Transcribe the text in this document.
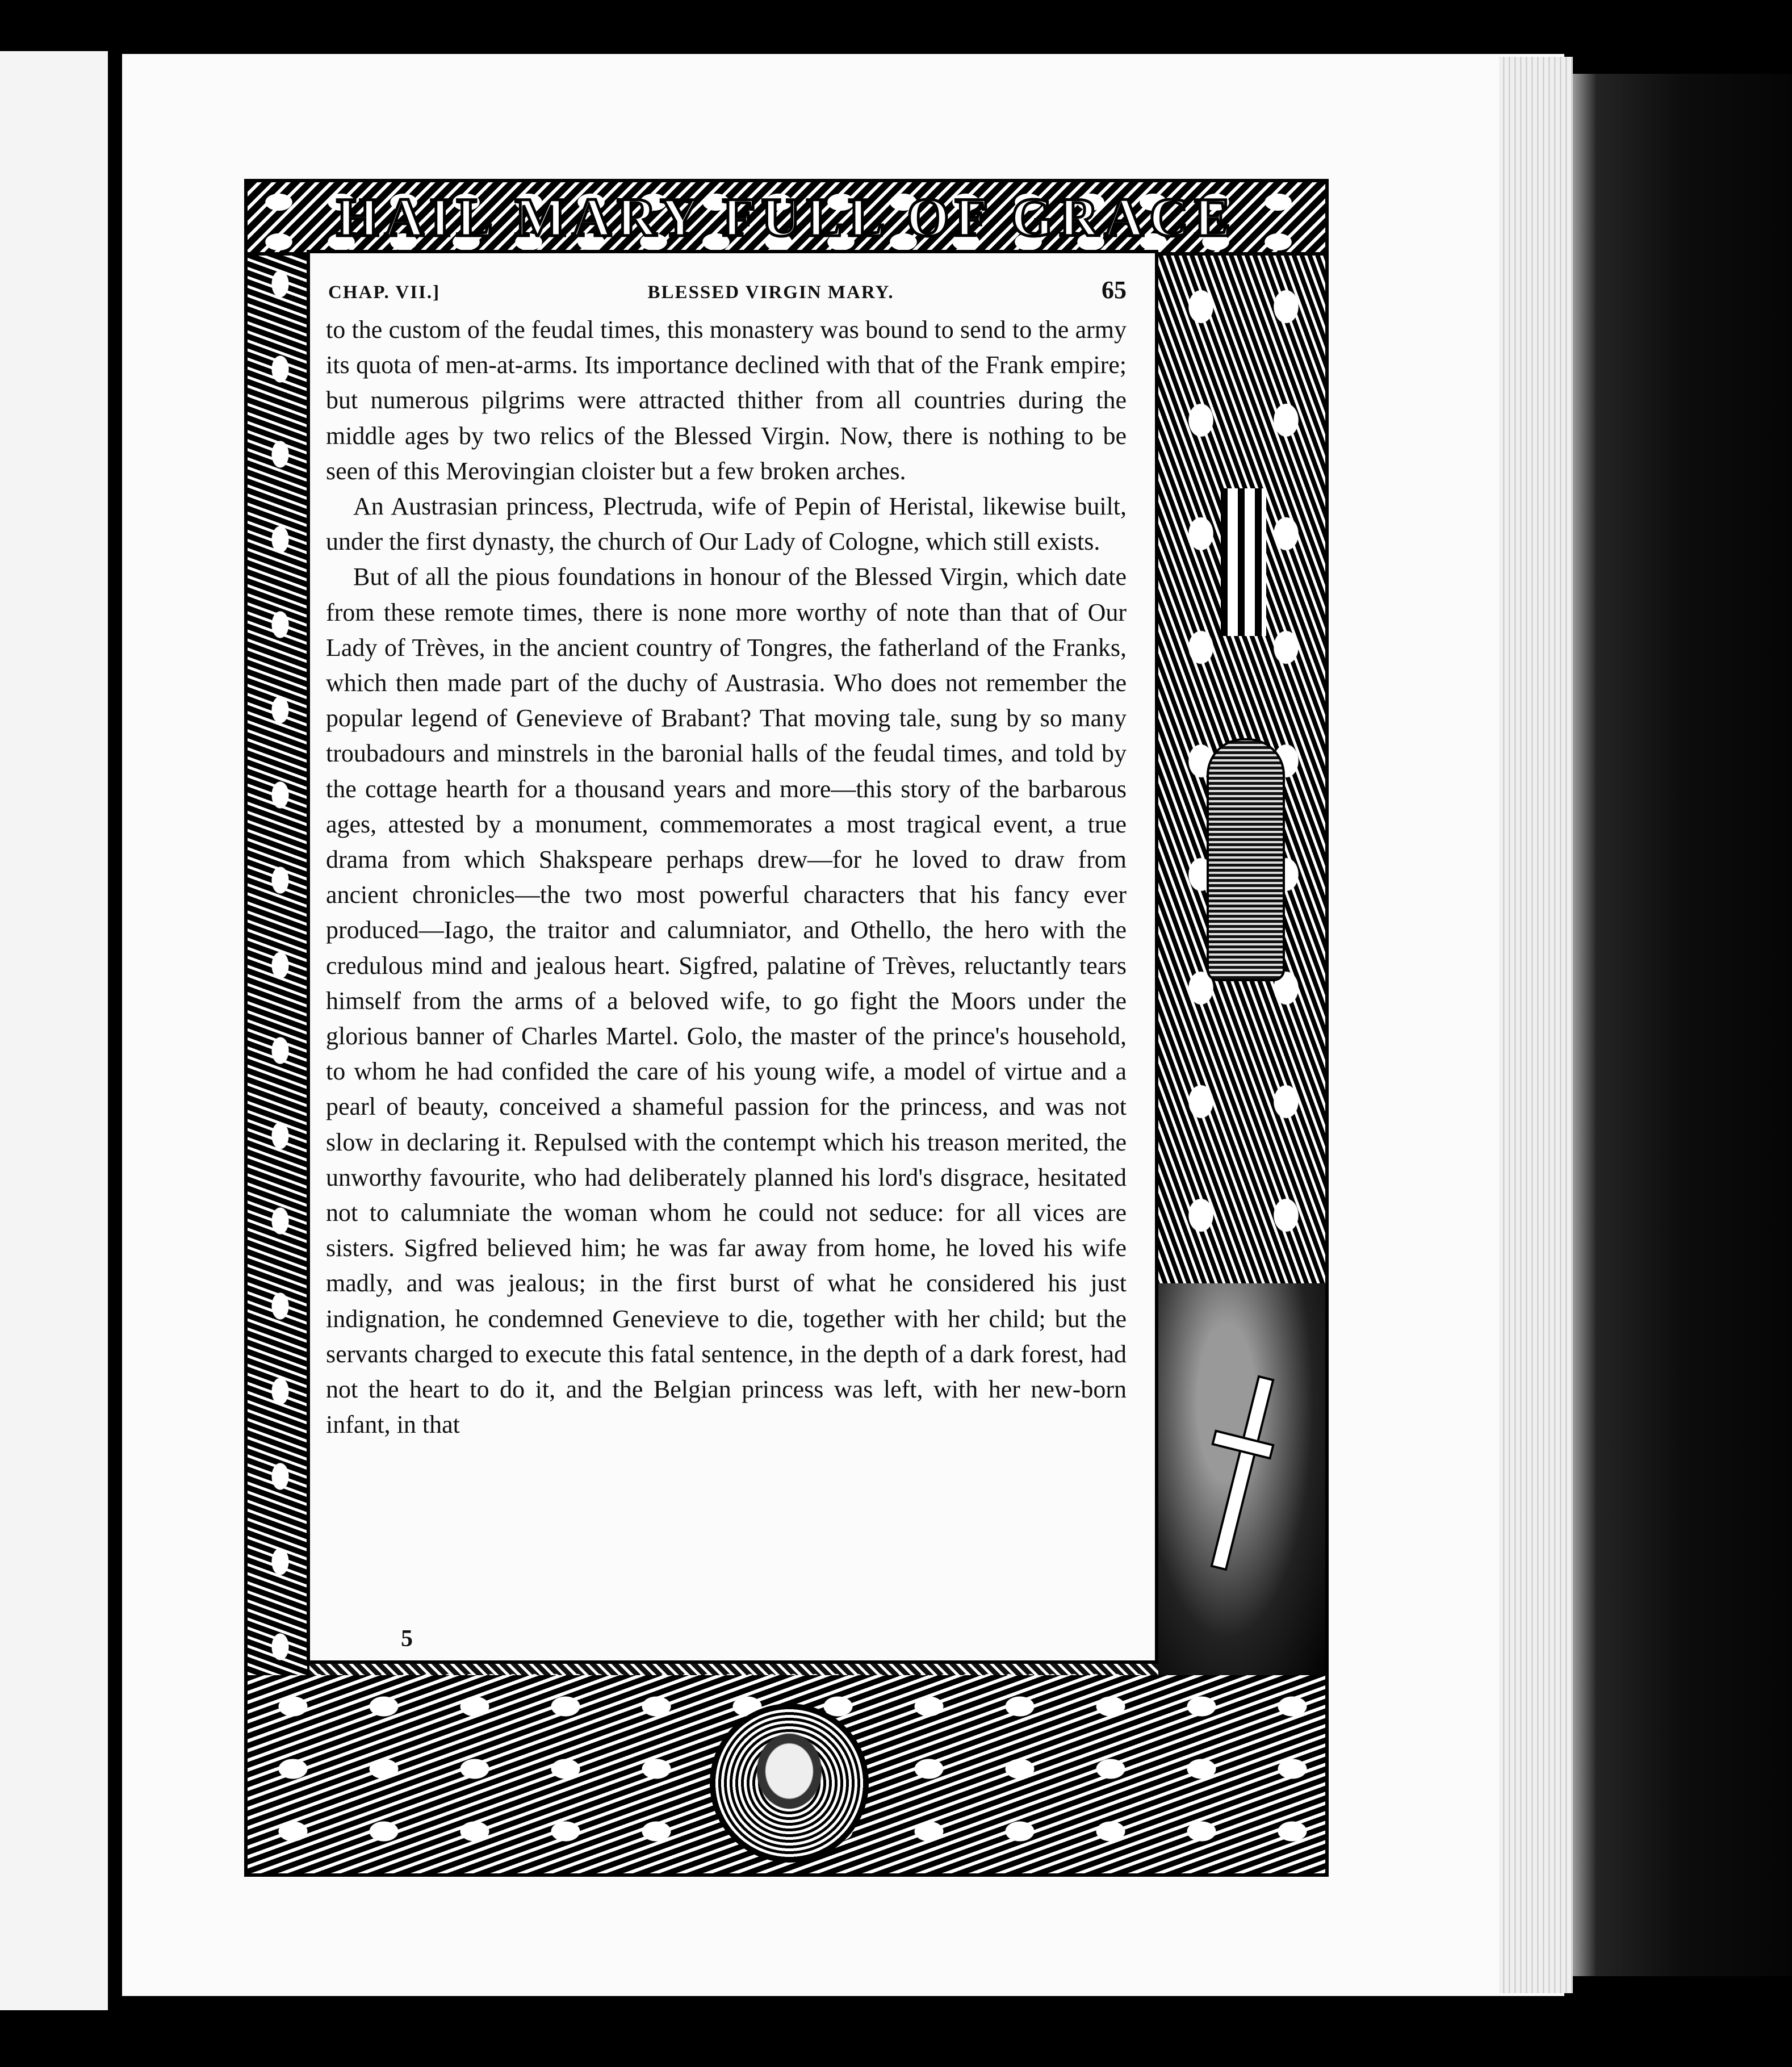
HAIL MARY FULL OF GRACE
CHAP. VII.]	BLESSED VIRGIN MARY.	65

to the custom of the feudal times, this monastery was bound to send to the army its quota of men-at-arms. Its importance declined with that of the Frank empire; but numerous pilgrims were attracted thither from all countries during the middle ages by two relics of the Blessed Virgin. Now, there is nothing to be seen of this Merovingian cloister but a few broken arches.

An Austrasian princess, Plectruda, wife of Pepin of Heristal, likewise built, under the first dynasty, the church of Our Lady of Cologne, which still exists.

But of all the pious foundations in honour of the Blessed Virgin, which date from these remote times, there is none more worthy of note than that of Our Lady of Trèves, in the ancient country of Tongres, the fatherland of the Franks, which then made part of the duchy of Austrasia. Who does not remember the popular legend of Genevieve of Brabant? That moving tale, sung by so many troubadours and minstrels in the baronial halls of the feudal times, and told by the cottage hearth for a thousand years and more—this story of the barbarous ages, attested by a monument, commemorates a most tragical event, a true drama from which Shakspeare perhaps drew—for he loved to draw from ancient chronicles—the two most powerful characters that his fancy ever produced—Iago, the traitor and calumniator, and Othello, the hero with the credulous mind and jealous heart. Sigfred, palatine of Trèves, reluctantly tears himself from the arms of a beloved wife, to go fight the Moors under the glorious banner of Charles Martel. Golo, the master of the prince's household, to whom he had confided the care of his young wife, a model of virtue and a pearl of beauty, conceived a shameful passion for the princess, and was not slow in declaring it. Repulsed with the contempt which his treason merited, the unworthy favourite, who had deliberately planned his lord's disgrace, hesitated not to calumniate the woman whom he could not seduce: for all vices are sisters. Sigfred believed him; he was far away from home, he loved his wife madly, and was jealous; in the first burst of what he considered his just indignation, he condemned Genevieve to die, together with her child; but the servants charged to execute this fatal sentence, in the depth of a dark forest, had not the heart to do it, and the Belgian princess was left, with her new-born infant, in that

5
